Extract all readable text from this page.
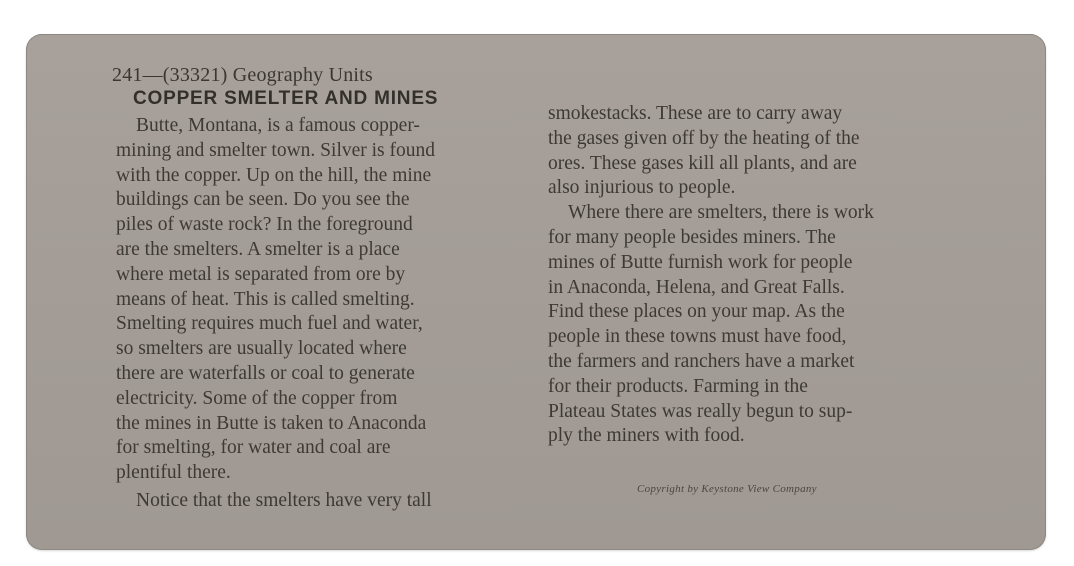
241—(33321) Geography Units
COPPER SMELTER AND MINES
Butte, Montana, is a famous copper-
mining and smelter town. Silver is found
with the copper. Up on the hill, the mine
buildings can be seen. Do you see the
piles of waste rock? In the foreground
are the smelters. A smelter is a place
where metal is separated from ore by
means of heat. This is called smelting.
Smelting requires much fuel and water,
so smelters are usually located where
there are waterfalls or coal to generate
electricity. Some of the copper from
the mines in Butte is taken to Anaconda
for smelting, for water and coal are
plentiful there.
Notice that the smelters have very tall
smokestacks. These are to carry away
the gases given off by the heating of the
ores. These gases kill all plants, and are
also injurious to people.
Where there are smelters, there is work
for many people besides miners. The
mines of Butte furnish work for people
in Anaconda, Helena, and Great Falls.
Find these places on your map. As the
people in these towns must have food,
the farmers and ranchers have a market
for their products. Farming in the
Plateau States was really begun to sup-
ply the miners with food.
Copyright by Keystone View Company
